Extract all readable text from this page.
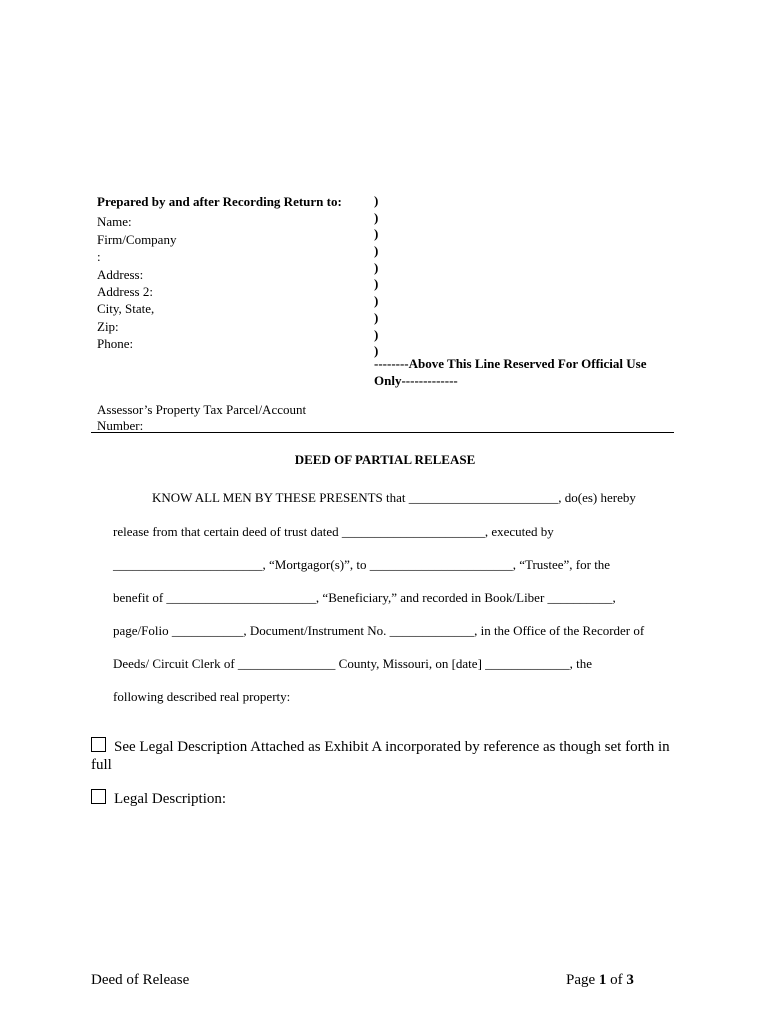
Prepared by and after Recording Return to:
Name:
Firm/Company
:
Address:
Address 2:
City, State,
Zip:
Phone:
)
)
)
)
)
)
)
)
)
)
--------Above This Line Reserved For Official Use
Only-------------
Assessor’s Property Tax Parcel/Account
Number:
DEED OF PARTIAL RELEASE
KNOW ALL MEN BY THESE PRESENTS that _______________________, do(es) hereby
release from that certain deed of trust dated ______________________, executed by
_______________________, “Mortgagor(s)”, to ______________________, “Trustee”, for the
benefit of _______________________, “Beneficiary,” and recorded in Book/Liber __________,
page/Folio ___________, Document/Instrument No. _____________, in the Office of the Recorder of
Deeds/ Circuit Clerk of _______________ County, Missouri, on [date] _____________, the
following described real property:
See Legal Description Attached as Exhibit A incorporated by reference as though set forth in
full
Legal Description:
Deed of Release	Page 1 of 3
